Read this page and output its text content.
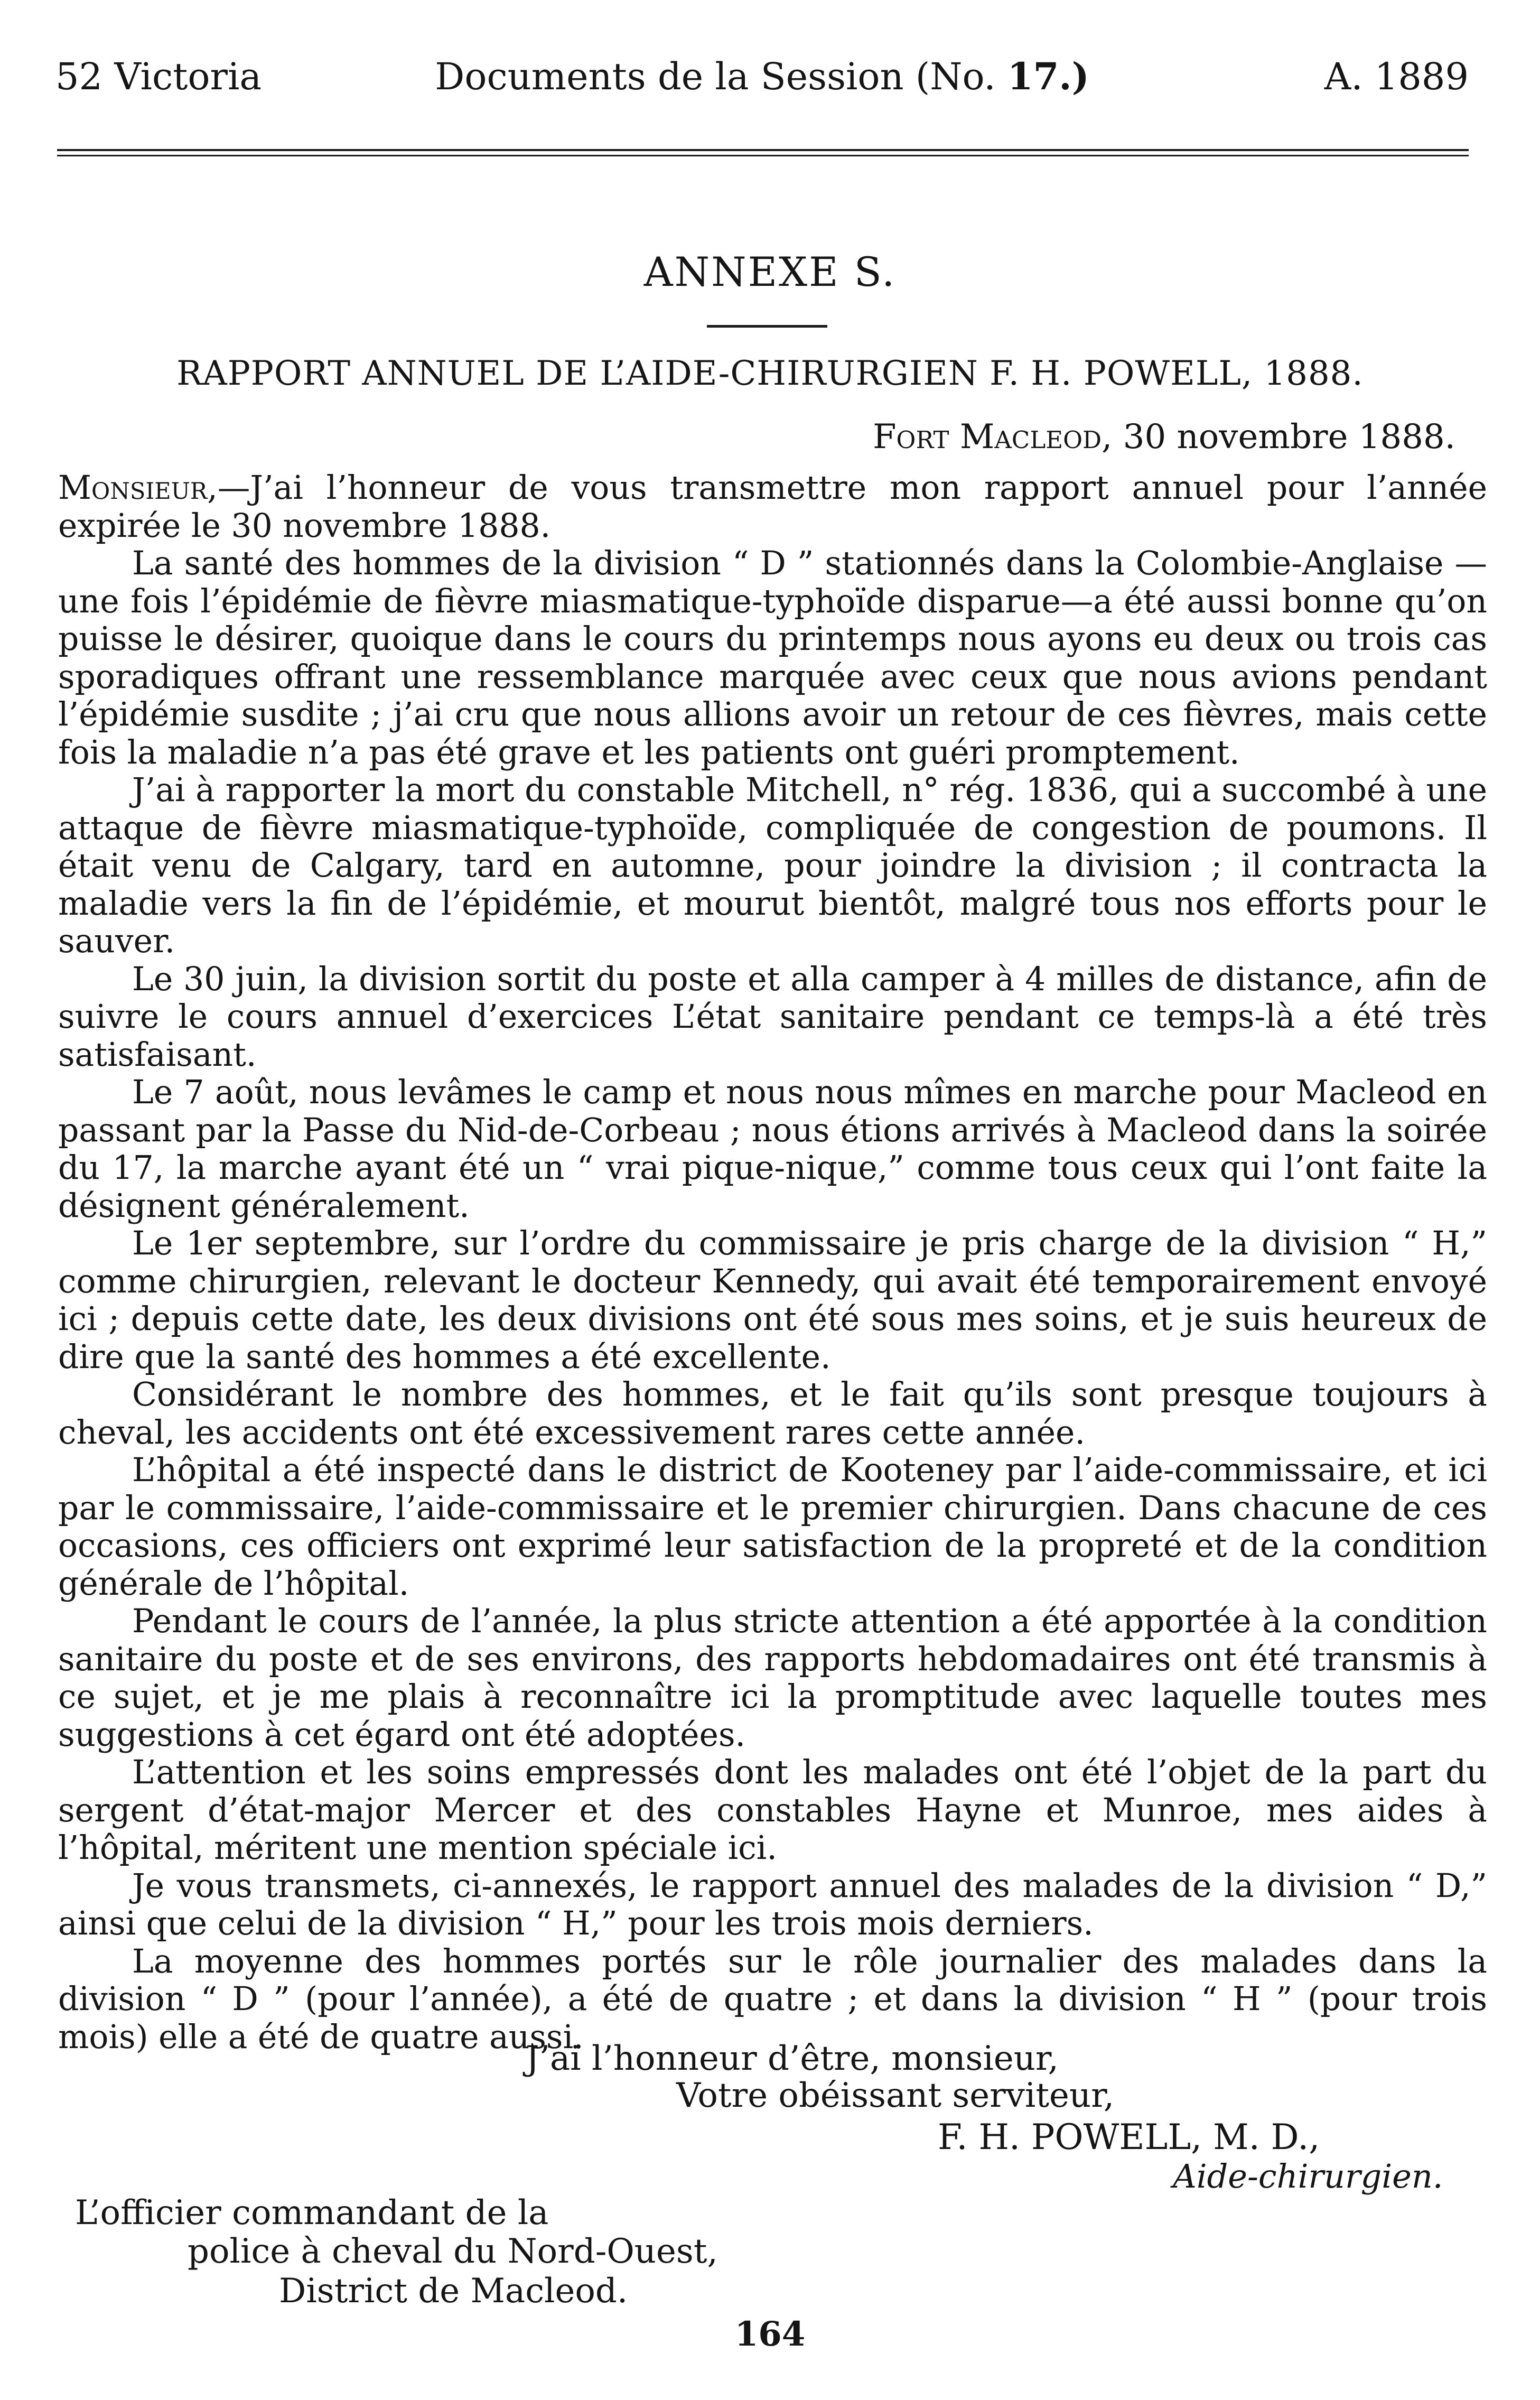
52 Victoria	Documents de la Session (No. 17.)	A. 1889
ANNEXE S.
RAPPORT ANNUEL DE L’AIDE-CHIRURGIEN F. H. POWELL, 1888.
Fort Macleod, 30 novembre 1888.

Monsieur,—J’ai l’honneur de vous transmettre mon rapport annuel pour l’année expirée le 30 novembre 1888.

La santé des hommes de la division “ D ” stationnés dans la Colombie-Anglaise —une fois l’épidémie de fièvre miasmatique-typhoïde disparue—a été aussi bonne qu’on puisse le désirer, quoique dans le cours du printemps nous ayons eu deux ou trois cas sporadiques offrant une ressemblance marquée avec ceux que nous avions pendant l’épidémie susdite ; j’ai cru que nous allions avoir un retour de ces fièvres, mais cette fois la maladie n’a pas été grave et les patients ont guéri promptement.

J’ai à rapporter la mort du constable Mitchell, n° rég. 1836, qui a succombé à une attaque de fièvre miasmatique-typhoïde, compliquée de congestion de poumons. Il était venu de Calgary, tard en automne, pour joindre la division ; il contracta la maladie vers la fin de l’épidémie, et mourut bientôt, malgré tous nos efforts pour le sauver.

Le 30 juin, la division sortit du poste et alla camper à 4 milles de distance, afin de suivre le cours annuel d’exercices L’état sanitaire pendant ce temps-là a été très satisfaisant.

Le 7 août, nous levâmes le camp et nous nous mîmes en marche pour Macleod en passant par la Passe du Nid-de-Corbeau ; nous étions arrivés à Macleod dans la soirée du 17, la marche ayant été un “ vrai pique-nique,” comme tous ceux qui l’ont faite la désignent généralement.

Le 1er septembre, sur l’ordre du commissaire je pris charge de la division “ H,” comme chirurgien, relevant le docteur Kennedy, qui avait été temporairement envoyé ici ; depuis cette date, les deux divisions ont été sous mes soins, et je suis heureux de dire que la santé des hommes a été excellente.

Considérant le nombre des hommes, et le fait qu’ils sont presque toujours à cheval, les accidents ont été excessivement rares cette année.

L’hôpital a été inspecté dans le district de Kooteney par l’aide-commissaire, et ici par le commissaire, l’aide-commissaire et le premier chirurgien. Dans chacune de ces occasions, ces officiers ont exprimé leur satisfaction de la propreté et de la condition générale de l’hôpital.

Pendant le cours de l’année, la plus stricte attention a été apportée à la condition sanitaire du poste et de ses environs, des rapports hebdomadaires ont été transmis à ce sujet, et je me plais à reconnaître ici la promptitude avec laquelle toutes mes suggestions à cet égard ont été adoptées.

L’attention et les soins empressés dont les malades ont été l’objet de la part du sergent d’état-major Mercer et des constables Hayne et Munroe, mes aides à l’hôpital, méritent une mention spéciale ici.

Je vous transmets, ci-annexés, le rapport annuel des malades de la division “ D,” ainsi que celui de la division “ H,” pour les trois mois derniers.

La moyenne des hommes portés sur le rôle journalier des malades dans la division “ D ” (pour l’année), a été de quatre ; et dans la division “ H ” (pour trois mois) elle a été de quatre aussi.

J’ai l’honneur d’être, monsieur,
Votre obéissant serviteur,
F. H. POWELL, M. D.,
Aide-chirurgien.
L’officier commandant de la
police à cheval du Nord-Ouest,
District de Macleod.
164
